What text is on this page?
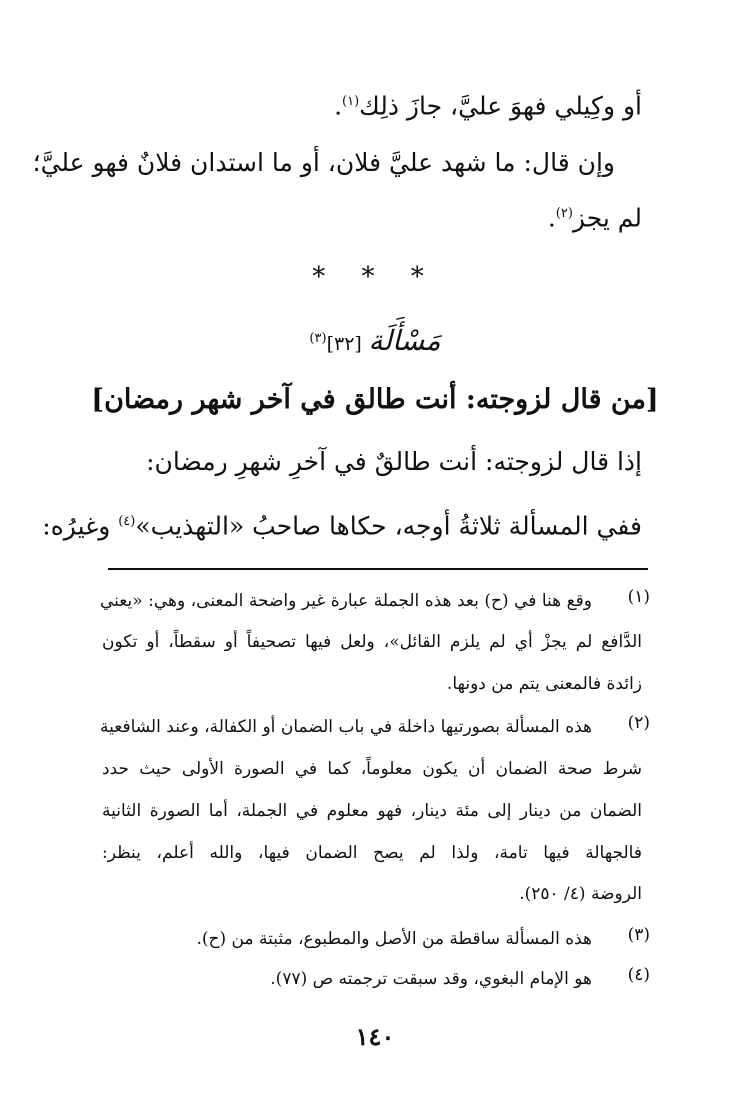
أو وكِيلي فهوَ عليَّ، جازَ ذلِك$^{(١)}$.
وإن قال: ما شهد عليَّ فلان، أو ما استدان فلانٌ فهو عليَّ؛
لم يجز$^{(٢)}$.
* * *
مَسْأَلَة [٣٢]$^{(٣)}$
[من قال لزوجته: أنت طالق في آخر شهر رمضان]
إذا قال لزوجته: أنت طالقٌ في آخرِ شهرِ رمضان:
ففي المسألة ثلاثةُ أوجه، حكاها صاحبُ «التهذيب»$^{(٤)}$ وغيرُه:
(١)
وقع هنا في (ح) بعد هذه الجملة عبارة غير واضحة المعنى، وهي: «يعني
الدَّافع لم يجزْ أي لم يلزم القائل»، ولعل فيها تصحيفاً أو سقطاً، أو تكون
زائدة فالمعنى يتم من دونها.
(٢)
هذه المسألة بصورتيها داخلة في باب الضمان أو الكفالة، وعند الشافعية
شرط صحة الضمان أن يكون معلوماً، كما في الصورة الأولى حيث حدد
الضمان من دينار إلى مئة دينار، فهو معلوم في الجملة، أما الصورة الثانية
فالجهالة فيها تامة، ولذا لم يصح الضمان فيها، والله أعلم، ينظر:
الروضة (٤/ ٢٥٠).
(٣)
هذه المسألة ساقطة من الأصل والمطبوع، مثبتة من (ح).
(٤)
هو الإمام البغوي، وقد سبقت ترجمته ص (٧٧).
١٤٠
